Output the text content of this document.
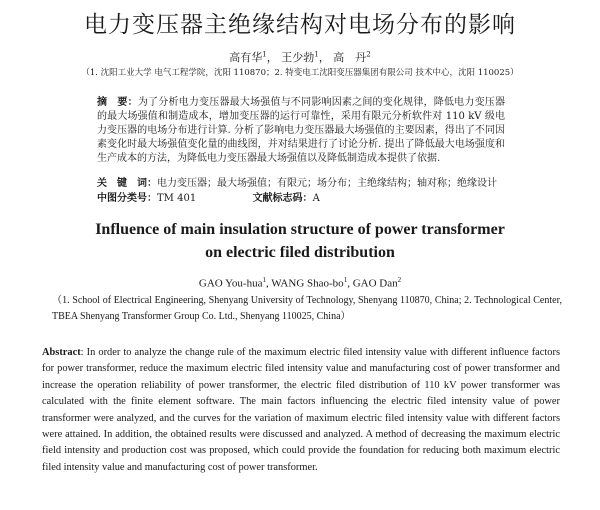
电力变压器主绝缘结构对电场分布的影响
高有华$^1$， 王少勃$^1$， 高　丹$^2$
（1. 沈阳工业大学 电气工程学院，沈阳 110870；2. 特变电工沈阳变压器集团有限公司 技术中心，沈阳 110025）
摘　要：为了分析电力变压器最大场强值与不同影响因素之间的变化规律，降低电力变压器的最大场强值和制造成本，增加变压器的运行可靠性，采用有限元分析软件对 110 kV 级电力变压器的电场分布进行计算. 分析了影响电力变压器最大场强值的主要因素，得出了不同因素变化时最大场强值变化量的曲线图，并对结果进行了讨论分析. 提出了降低最大电场强度和生产成本的方法，为降低电力变压器最大场强值以及降低制造成本提供了依据.
关　键　词：电力变压器；最大场强值；有限元；场分布；主绝缘结构；轴对称；绝缘设计
中图分类号：TM 401	文献标志码：A
Influence of main insulation structure of power transformer
on electric filed distribution
GAO You-hua$^1$, WANG Shao-$bo^1$, GAO Dan$^2$
（1. School of Electrical Engineering, Shenyang University of Technology, Shenyang 110870, China; 2. Technological Center, TBEA Shenyang Transformer Group Co. Ltd., Shenyang 110025, China）
Abstract: In order to analyze the change rule of the maximum electric filed intensity value with different influence factors for power transformer, reduce the maximum electric filed intensity value and manufacturing cost of power transformer and increase the operation reliability of power transformer, the electric filed distribution of 110 kV power transformer was calculated with the finite element software. The main factors influencing the electric filed intensity value of power transformer were analyzed, and the curves for the variation of maximum electric filed intensity value with different factors were attained. In addition, the obtained results were discussed and analyzed. A method of decreasing the maximum electric field intensity and production cost was proposed, which could provide the foundation for reducing both maximum electric filed intensity value and manufacturing cost of power transformer.
